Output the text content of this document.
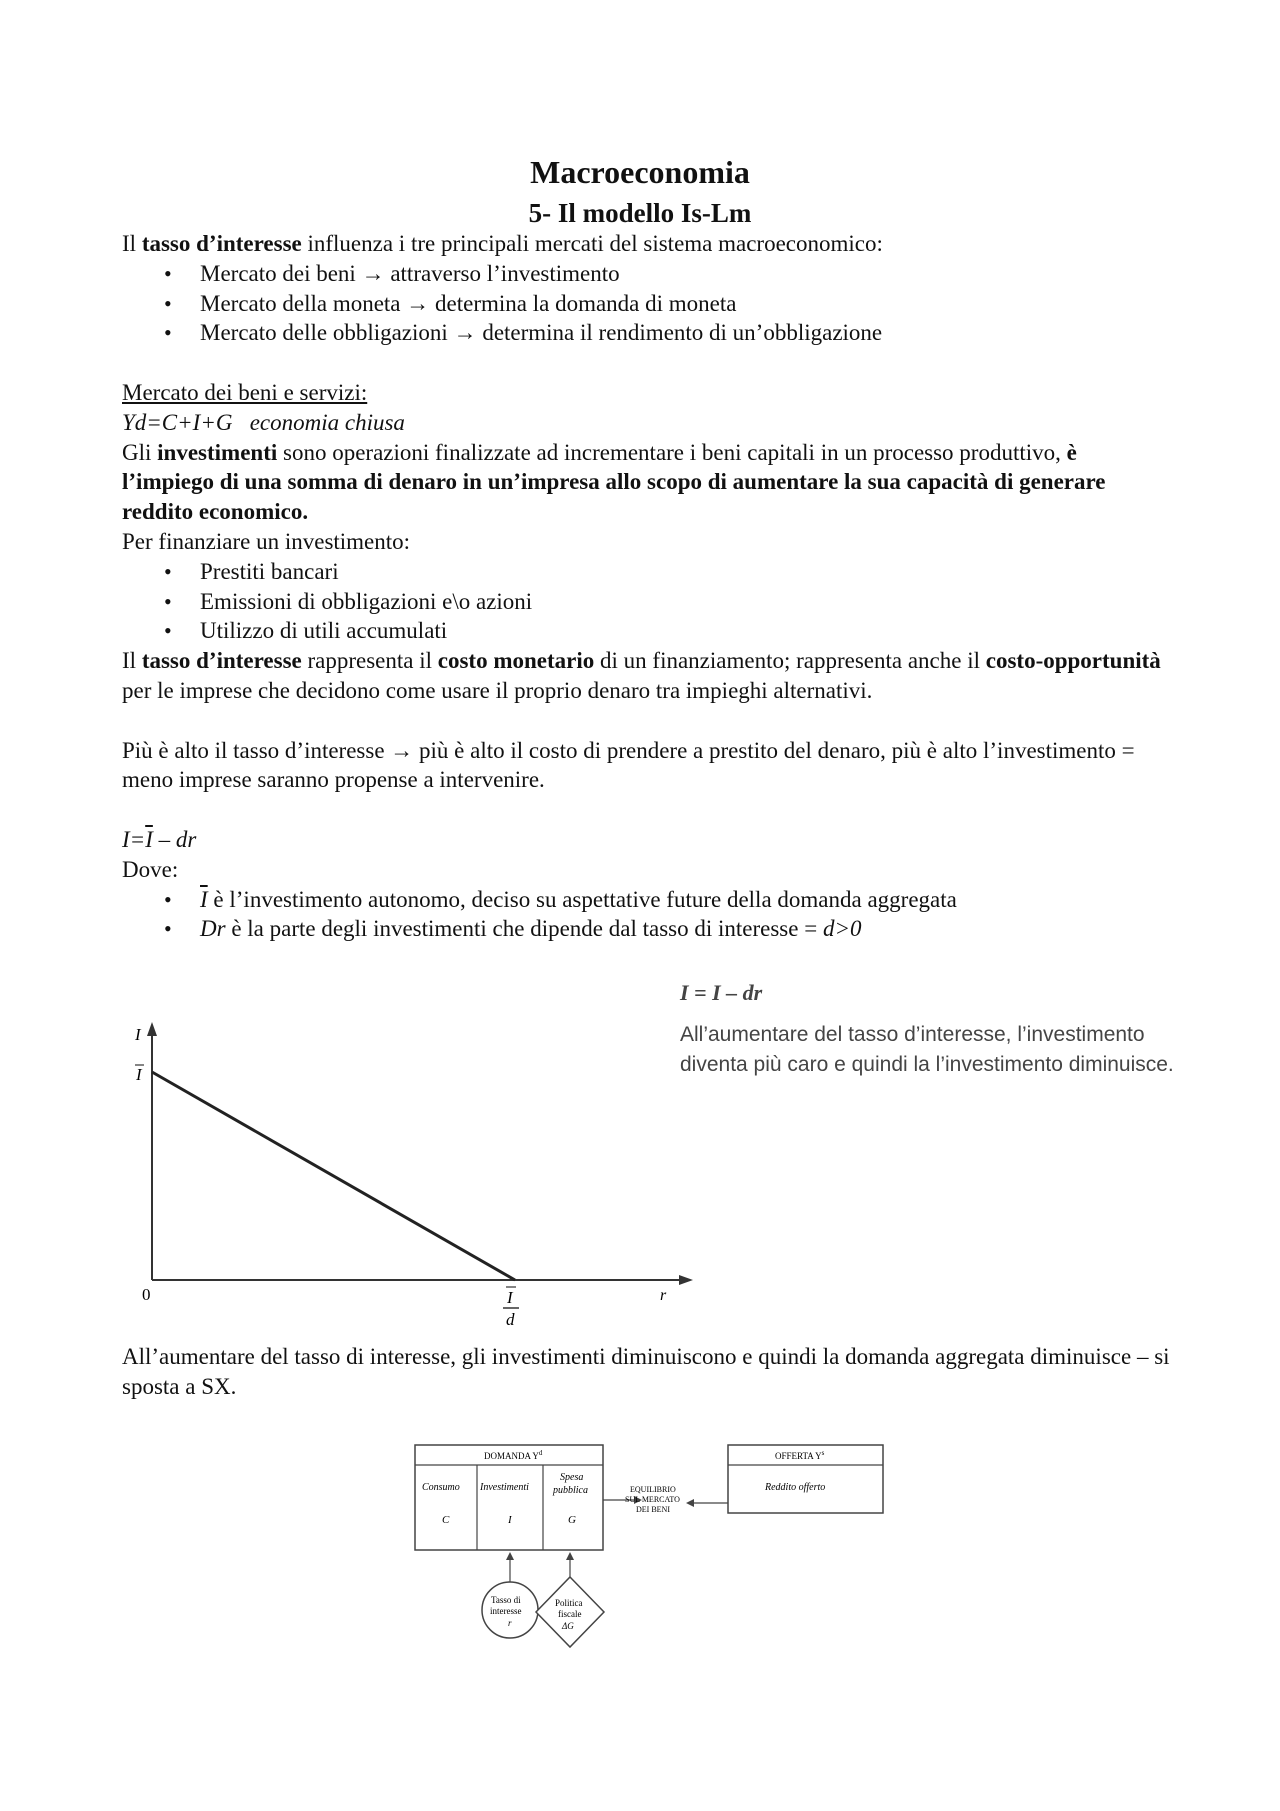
Macroeconomia
5- Il modello Is-Lm

Il tasso d’interesse influenza i tre principali mercati del sistema macroeconomico:

• Mercato dei beni → attraverso l’investimento
• Mercato della moneta → determina la domanda di moneta
• Mercato delle obbligazioni → determina il rendimento di un’obbligazione

Mercato dei beni e servizi:

Yd=C+I+G economia chiusa

Gli investimenti sono operazioni finalizzate ad incrementare i beni capitali in un processo produttivo, è l’impiego di una somma di denaro in un’impresa allo scopo di aumentare la sua capacità di generare reddito economico.

Per finanziare un investimento:

• Prestiti bancari
• Emissioni di obbligazioni e\o azioni
• Utilizzo di utili accumulati

Il tasso d’interesse rappresenta il costo monetario di un finanziamento; rappresenta anche il costo-opportunità per le imprese che decidono come usare il proprio denaro tra impieghi alternativi.

Più è alto il tasso d’interesse → più è alto il costo di prendere a prestito del denaro, più è alto l’investimento = meno imprese saranno propense a intervenire.

$I=\overline{I}$ – dr

Dove:

• $\overline{I}$ è l’investimento autonomo, deciso su aspettative future della domanda aggregata
• Dr è la parte degli investimenti che dipende dal tasso di interesse = d>0
I
I
0	r
I
d
I = I – dr
All’aumentare del tasso d’interesse, l’investimento diventa più caro e quindi la l’investimento diminuisce.

All’aumentare del tasso di interesse, gli investimenti diminuiscono e quindi la domanda aggregata diminuisce – si sposta a SX.

DOMANDA $Y^d$
Consumo
C
Investimenti
I
Spesa
pubblica
G
EQUILIBRIO
SUL MERCATO
DEI BENI
OFFERTA $Y^s$
Reddito offerto
Tasso di
interesse
r
Politica
fiscale
ΔG
